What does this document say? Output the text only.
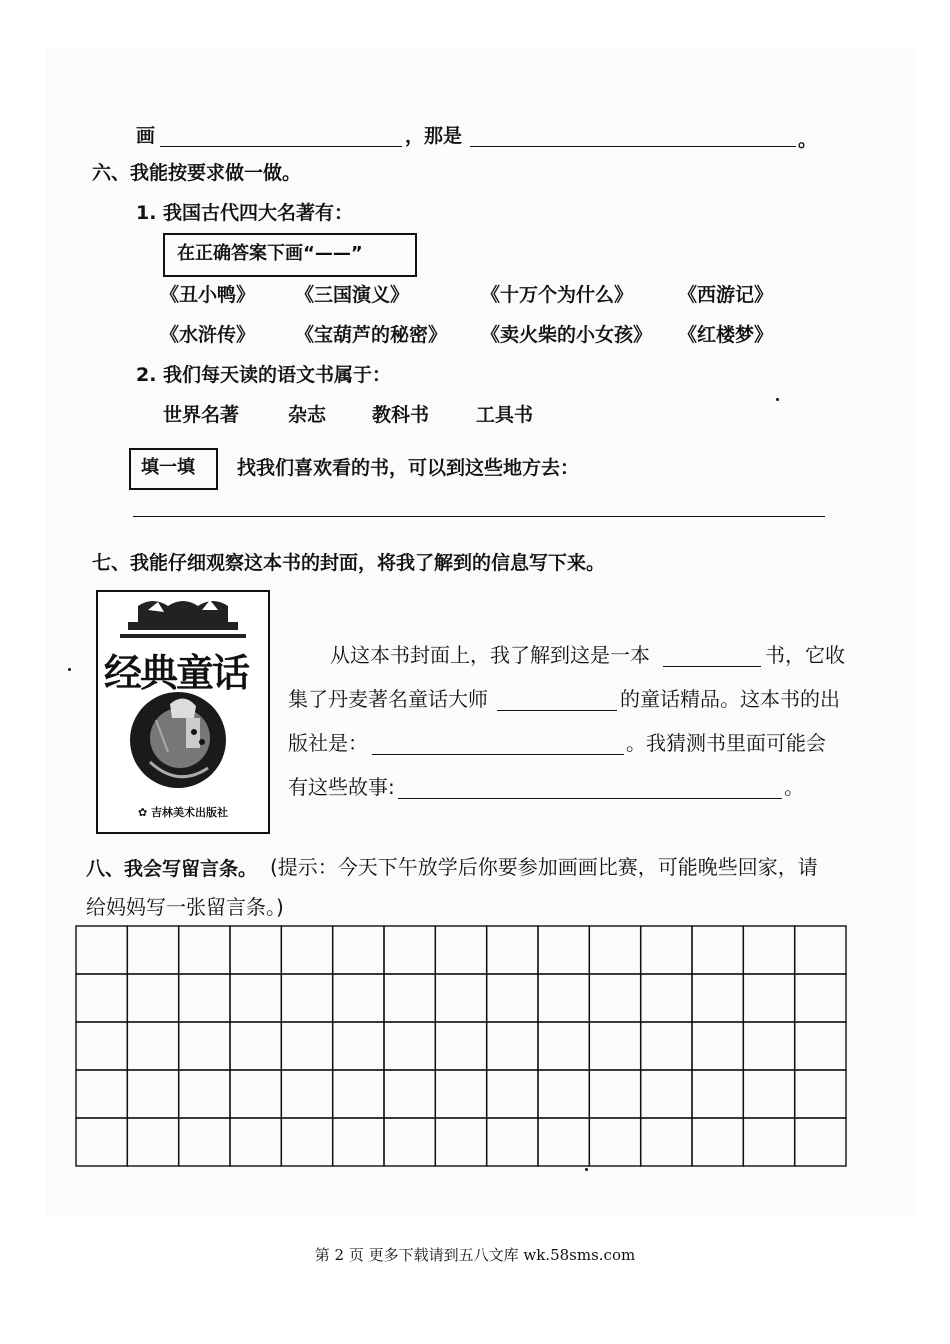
画	，那是	。
六、我能按要求做一做。
1. 我国古代四大名著有：
在正确答案下画“——”
《丑小鸭》 《三国演义》	《十万个为什么》 《西游记》
《水浒传》 《宝葫芦的秘密》 《卖火柴的小女孩》 《红楼梦》
2. 我们每天读的语文书属于：
世界名著	杂志 教科书 工具书
填一填 找我们喜欢看的书，可以到这些地方去：
七、我能仔细观察这本书的封面，将我了解到的信息写下来。
经典童话
✿ 吉林美术出版社
从这本书封面上，我了解到这是一本	书，它收
集了丹麦著名童话大师	的童话精品。这本书的出
版社是：	。我猜测书里面可能会
有这些故事:	。
八、我会写留言条。 (提示：今天下午放学后你要参加画画比赛，可能晚些回家，请
给妈妈写一张留言条。)
第 2 页 更多下载请到五八文库 wk.58sms.com
